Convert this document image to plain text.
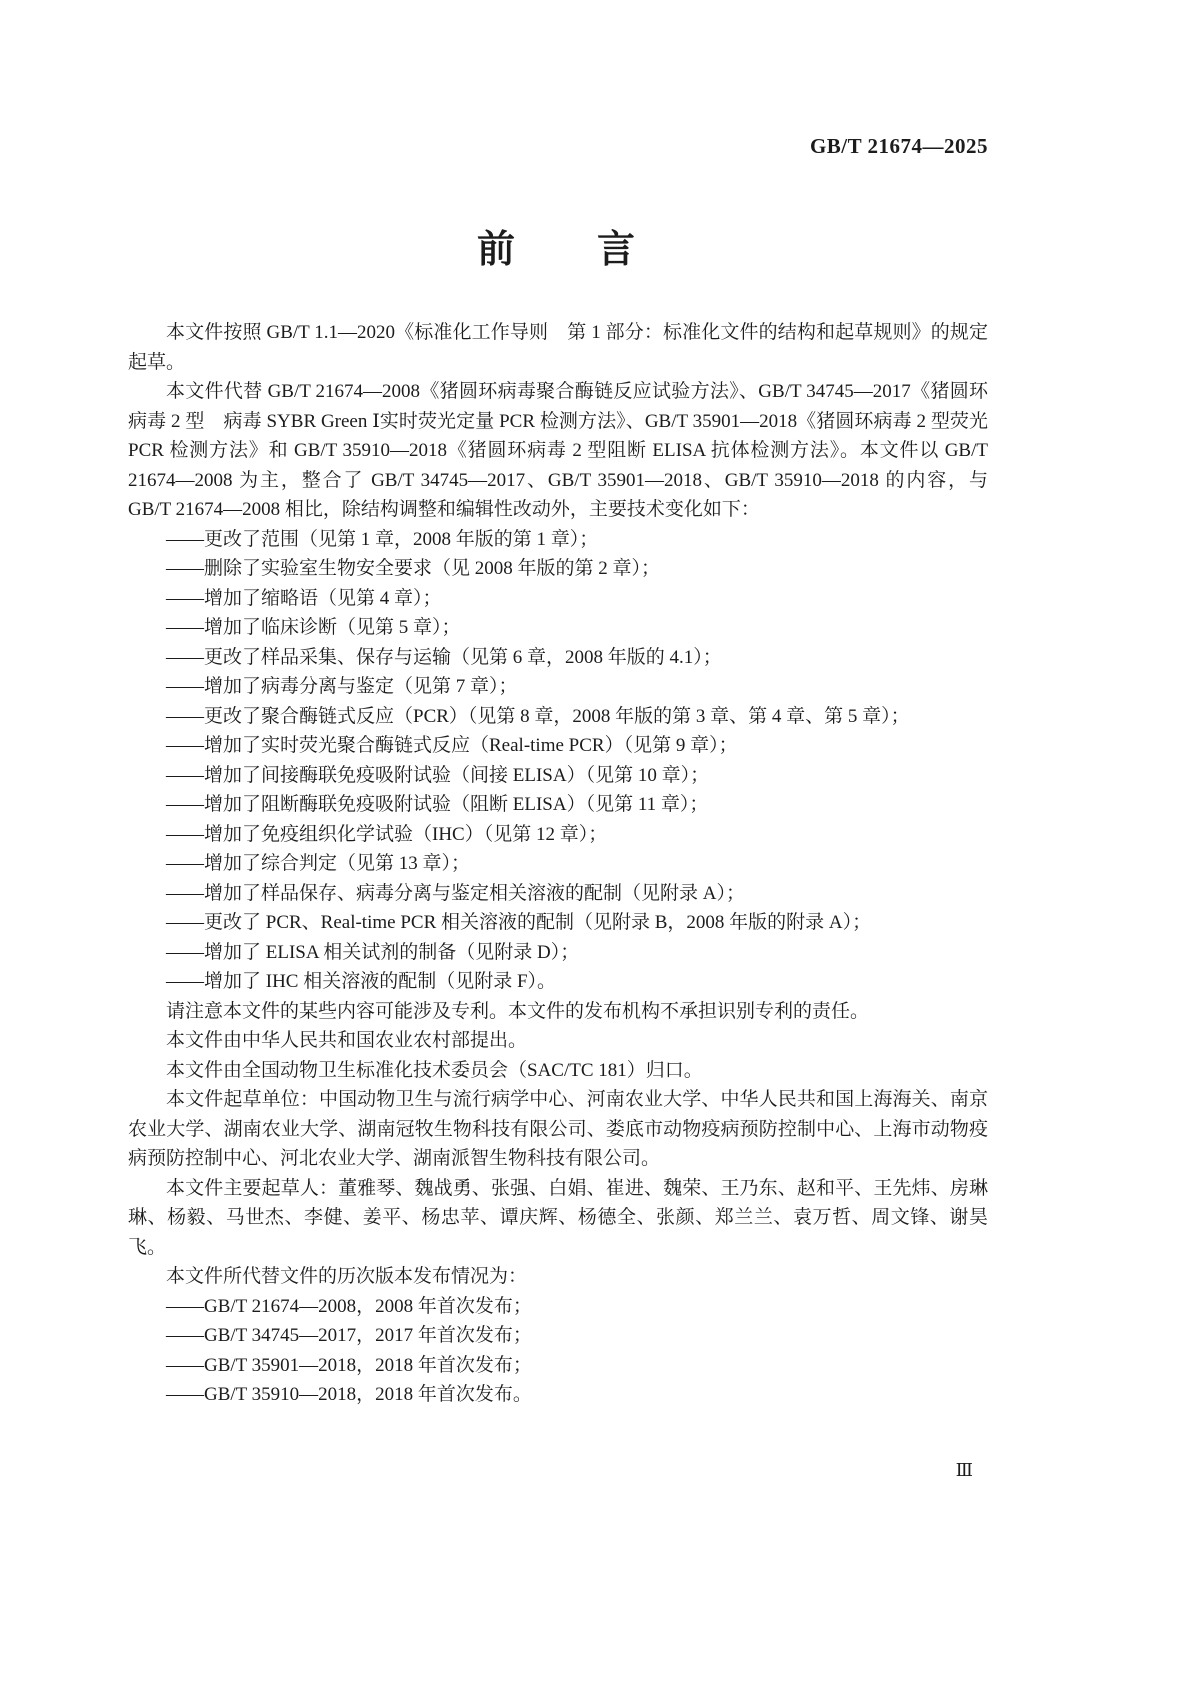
GB/T 21674—2025
前　　言

本文件按照 GB/T 1.1—2020《标准化工作导则　第 1 部分：标准化文件的结构和起草规则》的规定起草。

本文件代替 GB/T 21674—2008《猪圆环病毒聚合酶链反应试验方法》、GB/T 34745—2017《猪圆环病毒 2 型　病毒 SYBR Green Ⅰ实时荧光定量 PCR 检测方法》、GB/T 35901—2018《猪圆环病毒 2 型荧光 PCR 检测方法》和 GB/T 35910—2018《猪圆环病毒 2 型阻断 ELISA 抗体检测方法》。本文件以 GB/T 21674—2008 为主，整合了 GB/T 34745—2017、GB/T 35901—2018、GB/T 35910—2018 的内容，与 GB/T 21674—2008 相比，除结构调整和编辑性改动外，主要技术变化如下：

——更改了范围（见第 1 章，2008 年版的第 1 章）；

——删除了实验室生物安全要求（见 2008 年版的第 2 章）；

——增加了缩略语（见第 4 章）；

——增加了临床诊断（见第 5 章）；

——更改了样品采集、保存与运输（见第 6 章，2008 年版的 4.1）；

——增加了病毒分离与鉴定（见第 7 章）；

——更改了聚合酶链式反应（PCR）（见第 8 章，2008 年版的第 3 章、第 4 章、第 5 章）；

——增加了实时荧光聚合酶链式反应（Real-time PCR）（见第 9 章）；

——增加了间接酶联免疫吸附试验（间接 ELISA）（见第 10 章）；

——增加了阻断酶联免疫吸附试验（阻断 ELISA）（见第 11 章）；

——增加了免疫组织化学试验（IHC）（见第 12 章）；

——增加了综合判定（见第 13 章）；

——增加了样品保存、病毒分离与鉴定相关溶液的配制（见附录 A）；

——更改了 PCR、Real-time PCR 相关溶液的配制（见附录 B，2008 年版的附录 A）；

——增加了 ELISA 相关试剂的制备（见附录 D）；

——增加了 IHC 相关溶液的配制（见附录 F）。

请注意本文件的某些内容可能涉及专利。本文件的发布机构不承担识别专利的责任。

本文件由中华人民共和国农业农村部提出。

本文件由全国动物卫生标准化技术委员会（SAC/TC 181）归口。

本文件起草单位：中国动物卫生与流行病学中心、河南农业大学、中华人民共和国上海海关、南京农业大学、湖南农业大学、湖南冠牧生物科技有限公司、娄底市动物疫病预防控制中心、上海市动物疫病预防控制中心、河北农业大学、湖南派智生物科技有限公司。

本文件主要起草人：董雅琴、魏战勇、张强、白娟、崔进、魏荣、王乃东、赵和平、王先炜、房琳琳、杨毅、马世杰、李健、姜平、杨忠苹、谭庆辉、杨德全、张颜、郑兰兰、袁万哲、周文锋、谢昊飞。

本文件所代替文件的历次版本发布情况为：

——GB/T 21674—2008，2008 年首次发布；

——GB/T 34745—2017，2017 年首次发布；

——GB/T 35901—2018，2018 年首次发布；

——GB/T 35910—2018，2018 年首次发布。

Ⅲ
